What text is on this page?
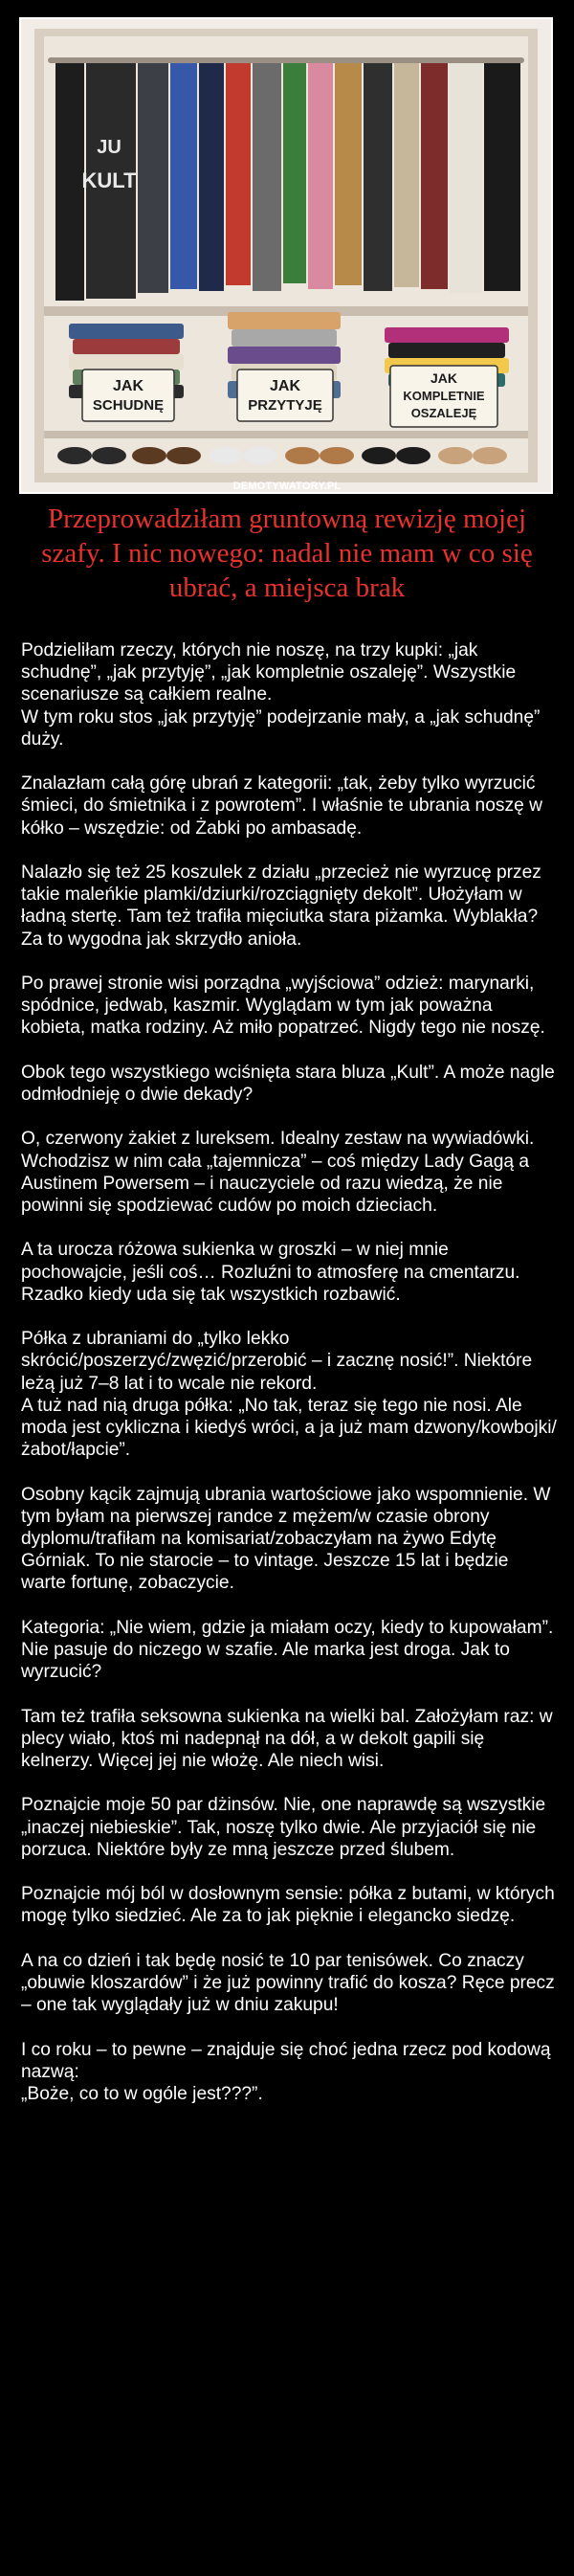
JU
KULT
JAK
SCHUDNĘ
JAK
PRZYTYJĘ
JAK
KOMPLETNIE
OSZALEJĘ
DEMOTYWATORY.PL
Przeprowadziłam gruntowną rewizję mojej szafy. I nic nowego: nadal nie mam w co się ubrać, a miejsca brak

Podzieliłam rzeczy, których nie noszę, na trzy kupki: „jak schudnę”, „jak przytyję”, „jak kompletnie oszaleję”. Wszystkie scenariusze są całkiem realne.
W tym roku stos „jak przytyję” podejrzanie mały, a „jak schudnę” duży.

Znalazłam całą górę ubrań z kategorii: „tak, żeby tylko wyrzucić śmieci, do śmietnika i z powrotem”. I właśnie te ubrania noszę w kółko – wszędzie: od Żabki po ambasadę.

Nalazło się też 25 koszulek z działu „przecież nie wyrzucę przez takie maleńkie plamki/dziurki/rozciągnięty dekolt”. Ułożyłam w ładną stertę. Tam też trafiła mięciutka stara piżamka. Wyblakła? Za to wygodna jak skrzydło anioła.

Po prawej stronie wisi porządna „wyjściowa” odzież: marynarki, spódnice, jedwab, kaszmir. Wyglądam w tym jak poważna kobieta, matka rodziny. Aż miło popatrzeć. Nigdy tego nie noszę.

Obok tego wszystkiego wciśnięta stara bluza „Kult”. A może nagle odmłodnieję o dwie dekady?

O, czerwony żakiet z lureksem. Idealny zestaw na wywiadówki. Wchodzisz w nim cała „tajemnicza” – coś między Lady Gagą a Austinem Powersem – i nauczyciele od razu wiedzą, że nie powinni się spodziewać cudów po moich dzieciach.

A ta urocza różowa sukienka w groszki – w niej mnie pochowajcie, jeśli coś… Rozluźni to atmosferę na cmentarzu. Rzadko kiedy uda się tak wszystkich rozbawić.

Półka z ubraniami do „tylko lekko skrócić/poszerzyć/zwęzić/przerobić – i zacznę nosić!”. Niektóre leżą już 7–8 lat i to wcale nie rekord.
A tuż nad nią druga półka: „No tak, teraz się tego nie nosi. Ale moda jest cykliczna i kiedyś wróci, a ja już mam dzwony/kowbojki/żabot/łapcie”.

Osobny kącik zajmują ubrania wartościowe jako wspomnienie. W tym byłam na pierwszej randce z mężem/w czasie obrony dyplomu/trafiłam na komisariat/zobaczyłam na żywo Edytę Górniak. To nie starocie – to vintage. Jeszcze 15 lat i będzie warte fortunę, zobaczycie.

Kategoria: „Nie wiem, gdzie ja miałam oczy, kiedy to kupowałam”. Nie pasuje do niczego w szafie. Ale marka jest droga. Jak to wyrzucić?

Tam też trafiła seksowna sukienka na wielki bal. Założyłam raz: w plecy wiało, ktoś mi nadepnął na dół, a w dekolt gapili się kelnerzy. Więcej jej nie włożę. Ale niech wisi.

Poznajcie moje 50 par dżinsów. Nie, one naprawdę są wszystkie „inaczej niebieskie”. Tak, noszę tylko dwie. Ale przyjaciół się nie porzuca. Niektóre były ze mną jeszcze przed ślubem.

Poznajcie mój ból w dosłownym sensie: półka z butami, w których mogę tylko siedzieć. Ale za to jak pięknie i elegancko siedzę.

A na co dzień i tak będę nosić te 10 par tenisówek. Co znaczy „obuwie kloszardów” i że już powinny trafić do kosza? Ręce precz – one tak wyglądały już w dniu zakupu!

I co roku – to pewne – znajduje się choć jedna rzecz pod kodową nazwą:
„Boże, co to w ogóle jest???”.
